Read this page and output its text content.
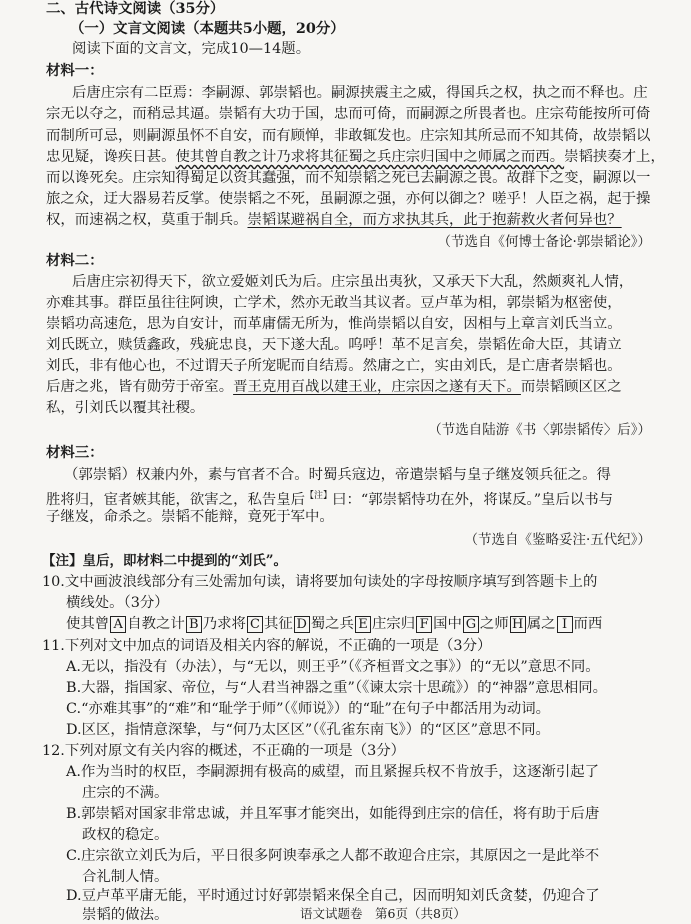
二、古代诗文阅读（35分）
（一）文言文阅读（本题共5小题，20分）
阅读下面的文言文，完成10—14题。
材料一：
后唐庄宗有二臣焉：李嗣源、郭崇韬也。嗣源挟震主之威，得国兵之权，执之而不释也。庄
宗无以夺之，而稍忌其逼。崇韬有大功于国，忠而可倚，而嗣源之所畏者也。庄宗苟能按所可倚
而制所可忌，则嗣源虽怀不自安，而有顾惮，非敢辄发也。庄宗知其所忌而不知其倚，故崇韬以
忠见疑，谗疾日甚。使其曾自教之计乃求将其征蜀之兵庄宗归国中之师属之而西。崇韬挟奏才上，
而以谗死矣。庄宗知得蜀足以资其蠢强，而不知崇韬之死已去嗣源之畏。故群下之变，嗣源以一
旅之众，迂大器易若反掌。使崇韬之不死，虽嗣源之强，亦何以御之？嗟乎！人臣之祸，起于操
权，而速祸之权，莫重于制兵。崇韬谋避祸自全，而方求执其兵，此于抱薪救火者何异也？
（节选自《何博士备论·郭崇韬论》）
材料二：
后唐庄宗初得天下，欲立爱姬刘氏为后。庄宗虽出夷狄，又承天下大乱，然颇爽礼人情，
亦难其事。群臣虽往往阿谀，亡学术，然亦无敢当其议者。豆卢革为相，郭崇韬为枢密使，
崇韬功高速危，思为自安计，而革庸儒无所为，惟尚崇韬以自安，因相与上章言刘氏当立。
刘氏既立，赎赁鑫政，残疵忠良，天下遂大乱。呜呼！革不足言矣，崇韬佐命大臣，其请立
刘氏，非有他心也，不过谓天子所宠昵而自结焉。然庸之亡，实由刘氏，是亡唐者崇韬也。
后唐之兆，皆有勋劳于帝室。晋王克用百战以建王业，庄宗因之遂有天下。而崇韬顾区区之
私，引刘氏以覆其社稷。
（节选自陆游《书〈郭崇韬传〉后》）
材料三：
（郭崇韬）权兼内外，素与官者不合。时蜀兵寇边，帝遣崇韬与皇子继岌领兵征之。得
胜将归，宦者嫉其能，欲害之，私告皇后$^{【注】}$曰：“郭崇韬恃功在外，将谋反。”皇后以书与
子继岌，命杀之。崇韬不能辩，竟死于军中。
（节选自《鉴略妥注·五代纪》）
【注】皇后，即材料二中提到的“刘氏”。
10.文中画波浪线部分有三处需加句读，请将要加句读处的字母按顺序填写到答题卡上的
横线处。（3分）
使其曾 A 自教之计 B 乃求将 C 其征 D 蜀之兵 E 庄宗归 F 国中 G 之师 H 属之 I 而西
11.下列对文中加点的词语及相关内容的解说，不正确的一项是（3分）
A.无以，指没有（办法），与“无以，则王乎”（《齐桓晋文之事》）的“无以”意思不同。
B.大器，指国家、帝位，与“人君当神器之重”（《谏太宗十思疏》）的“神器”意思相同。
C.“亦难其事”的“难”和“耻学于师”（《师说》）的“耻”在句子中都活用为动词。
D.区区，指情意深挚，与“何乃太区区”（《孔雀东南飞》）的“区区”意思不同。
12.下列对原文有关内容的概述，不正确的一项是（3分）
A.作为当时的权臣，李嗣源拥有极高的威望，而且紧握兵权不肯放手，这逐渐引起了
庄宗的不满。
B.郭崇韬对国家非常忠诚，并且军事才能突出，如能得到庄宗的信任，将有助于后唐
政权的稳定。
C.庄宗欲立刘氏为后，平日很多阿谀奉承之人都不敢迎合庄宗，其原因之一是此举不
合礼制人情。
语文试题卷　第6页（共8页）
D.豆卢革平庸无能，平时通过讨好郭崇韬来保全自己，因而明知刘氏贪婪，仍迎合了
崇韬的做法。
